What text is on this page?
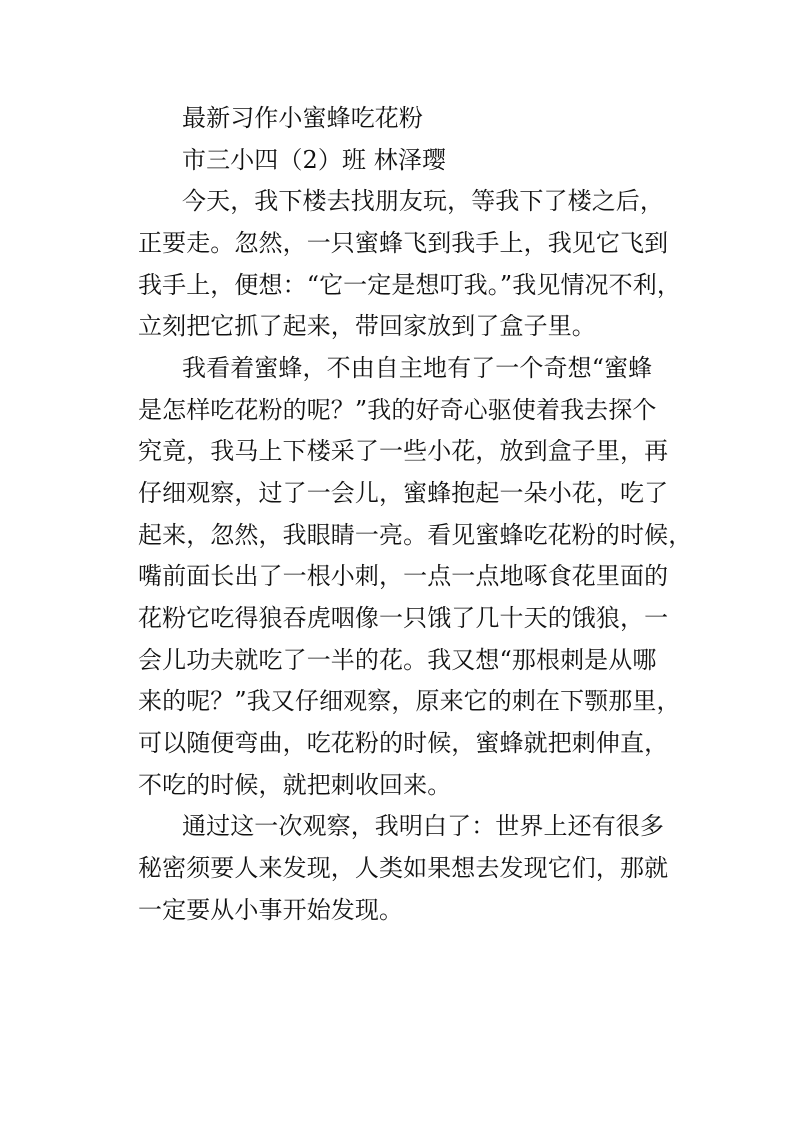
最新习作小蜜蜂吃花粉
市三小四（2）班 林泽璎
今天，我下楼去找朋友玩，等我下了楼之后，
正要走。忽然，一只蜜蜂飞到我手上，我见它飞到
我手上，便想：“它一定是想叮我。”我见情况不利，
立刻把它抓了起来，带回家放到了盒子里。
我看着蜜蜂，不由自主地有了一个奇想“蜜蜂
是怎样吃花粉的呢？”我的好奇心驱使着我去探个
究竟，我马上下楼采了一些小花，放到盒子里，再
仔细观察，过了一会儿，蜜蜂抱起一朵小花，吃了
起来，忽然，我眼睛一亮。看见蜜蜂吃花粉的时候，
嘴前面长出了一根小刺，一点一点地啄食花里面的
花粉它吃得狼吞虎咽像一只饿了几十天的饿狼，一
会儿功夫就吃了一半的花。我又想“那根刺是从哪
来的呢？”我又仔细观察，原来它的刺在下颚那里，
可以随便弯曲，吃花粉的时候，蜜蜂就把刺伸直，
不吃的时候，就把刺收回来。
通过这一次观察，我明白了：世界上还有很多
秘密须要人来发现，人类如果想去发现它们，那就
一定要从小事开始发现。
